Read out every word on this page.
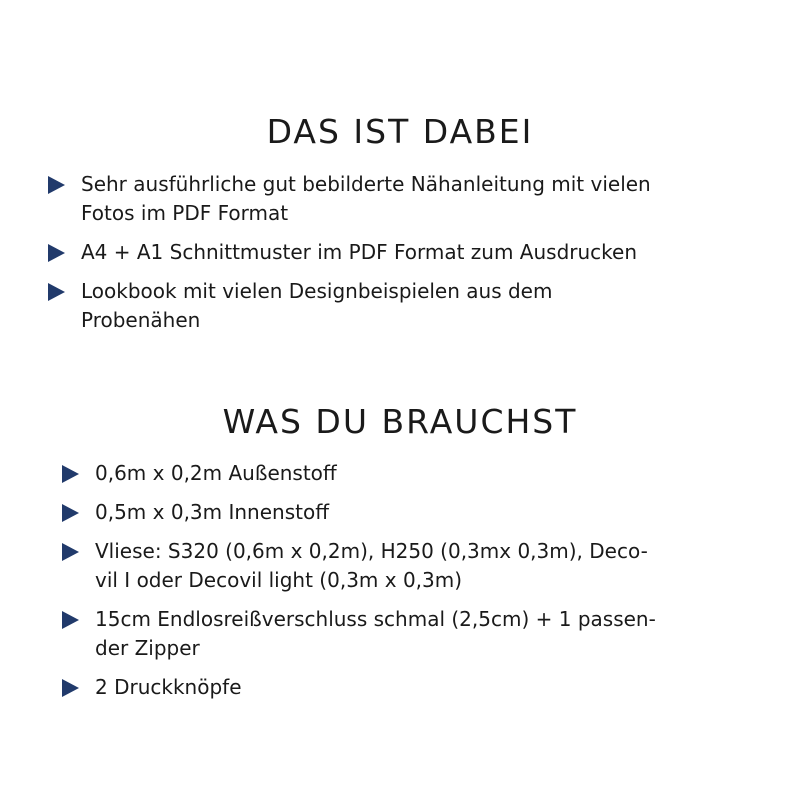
DAS IST DABEI
Sehr ausführliche gut bebilderte Nähanleitung mit vielen
Fotos im PDF Format
A4 + A1 Schnittmuster im PDF Format zum Ausdrucken
Lookbook mit vielen Designbeispielen aus dem
Probenähen
WAS DU BRAUCHST
0,6m x 0,2m Außenstoff
0,5m x 0,3m Innenstoff
Vliese: S320 (0,6m x 0,2m), H250 (0,3mx 0,3m), Deco-
vil I oder Decovil light (0,3m x 0,3m)
15cm Endlosreißverschluss schmal (2,5cm) + 1 passen-
der Zipper
2 Druckknöpfe
